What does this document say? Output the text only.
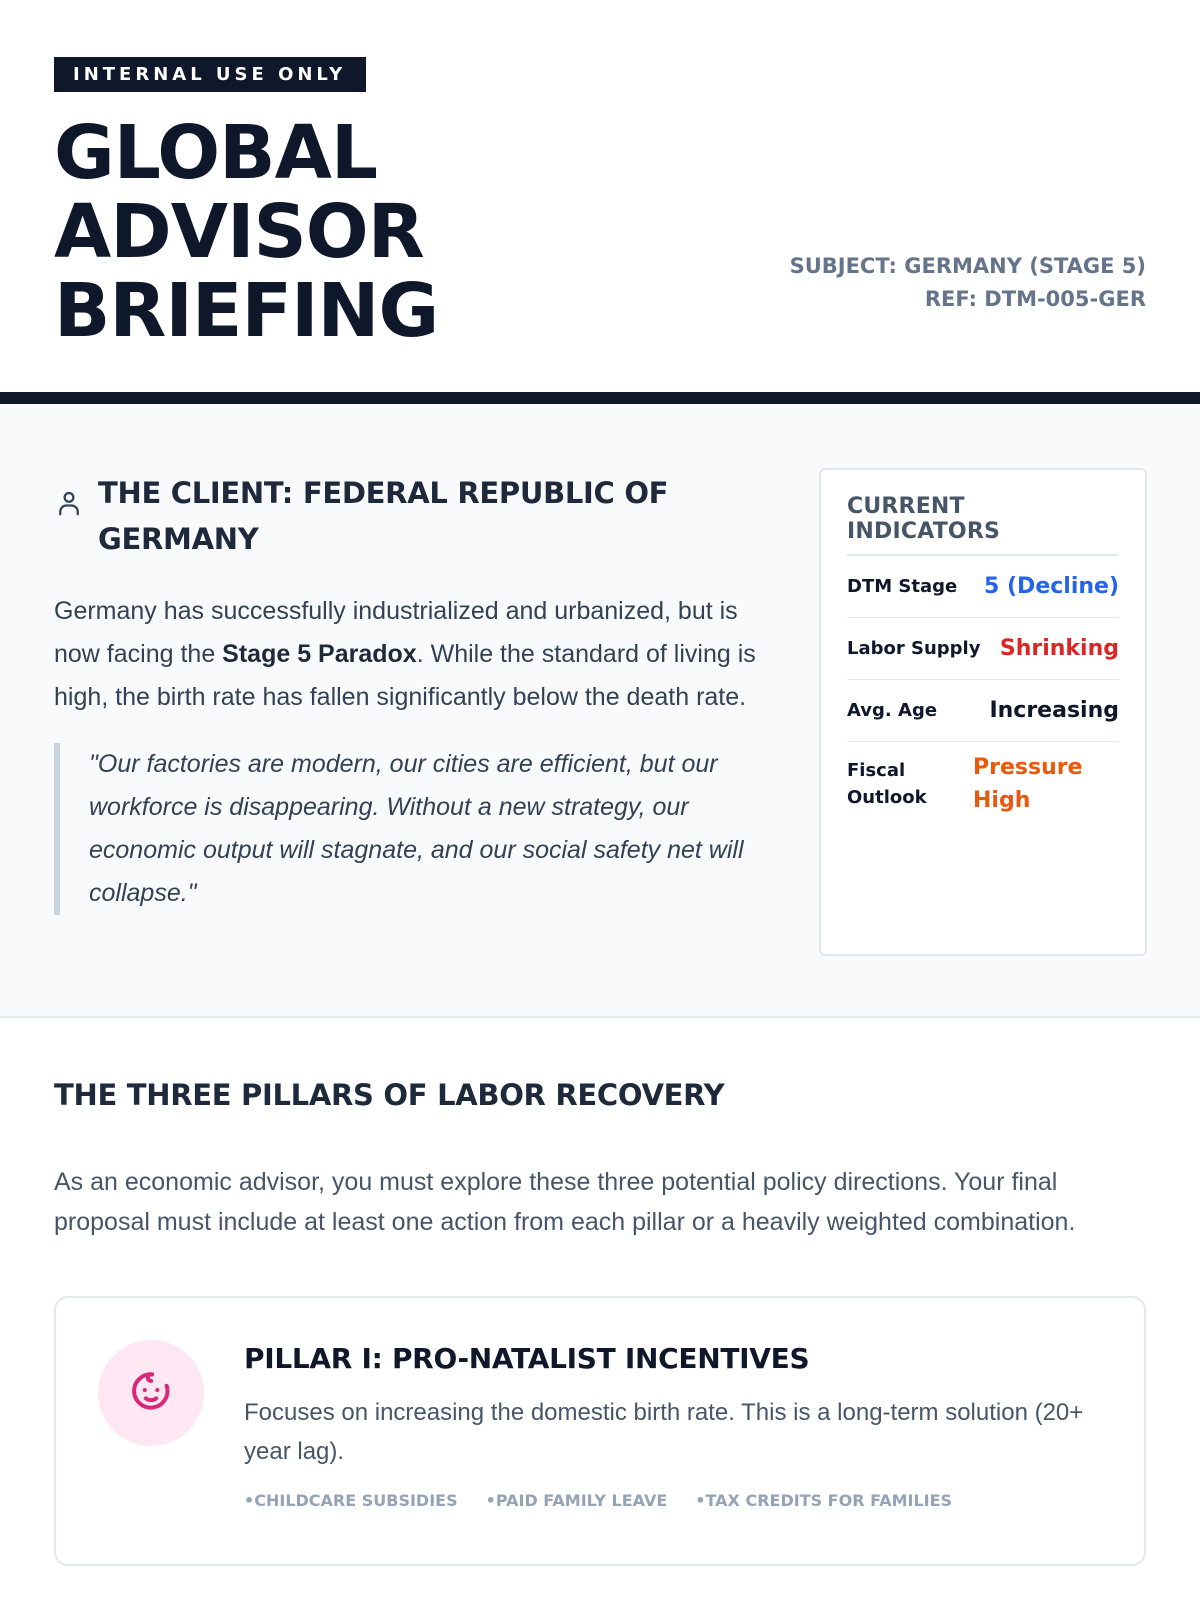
INTERNAL USE ONLY
GLOBAL
ADVISOR
BRIEFING
SUBJECT: GERMANY (STAGE 5)
REF: DTM-005-GER
THE CLIENT: FEDERAL REPUBLIC OF GERMANY

Germany has successfully industrialized and urbanized, but is now facing the Stage 5 Paradox. While the standard of living is high, the birth rate has fallen significantly below the death rate.

"Our factories are modern, our cities are efficient, but our workforce is disappearing. Without a new strategy, our economic output will stagnate, and our social safety net will collapse."
CURRENT INDICATORS
DTM Stage 5 (Decline)
Labor Supply Shrinking
Avg. Age Increasing
Fiscal Outlook
Pressure High
THE THREE PILLARS OF LABOR RECOVERY

As an economic advisor, you must explore these three potential policy directions. Your final proposal must include at least one action from each pillar or a heavily weighted combination.

PILLAR I: PRO-NATALIST INCENTIVES

Focuses on increasing the domestic birth rate. This is a long-term solution (20+ year lag).

• CHILDCARE SUBSIDIES	• PAID FAMILY LEAVE	• TAX CREDITS FOR FAMILIES
